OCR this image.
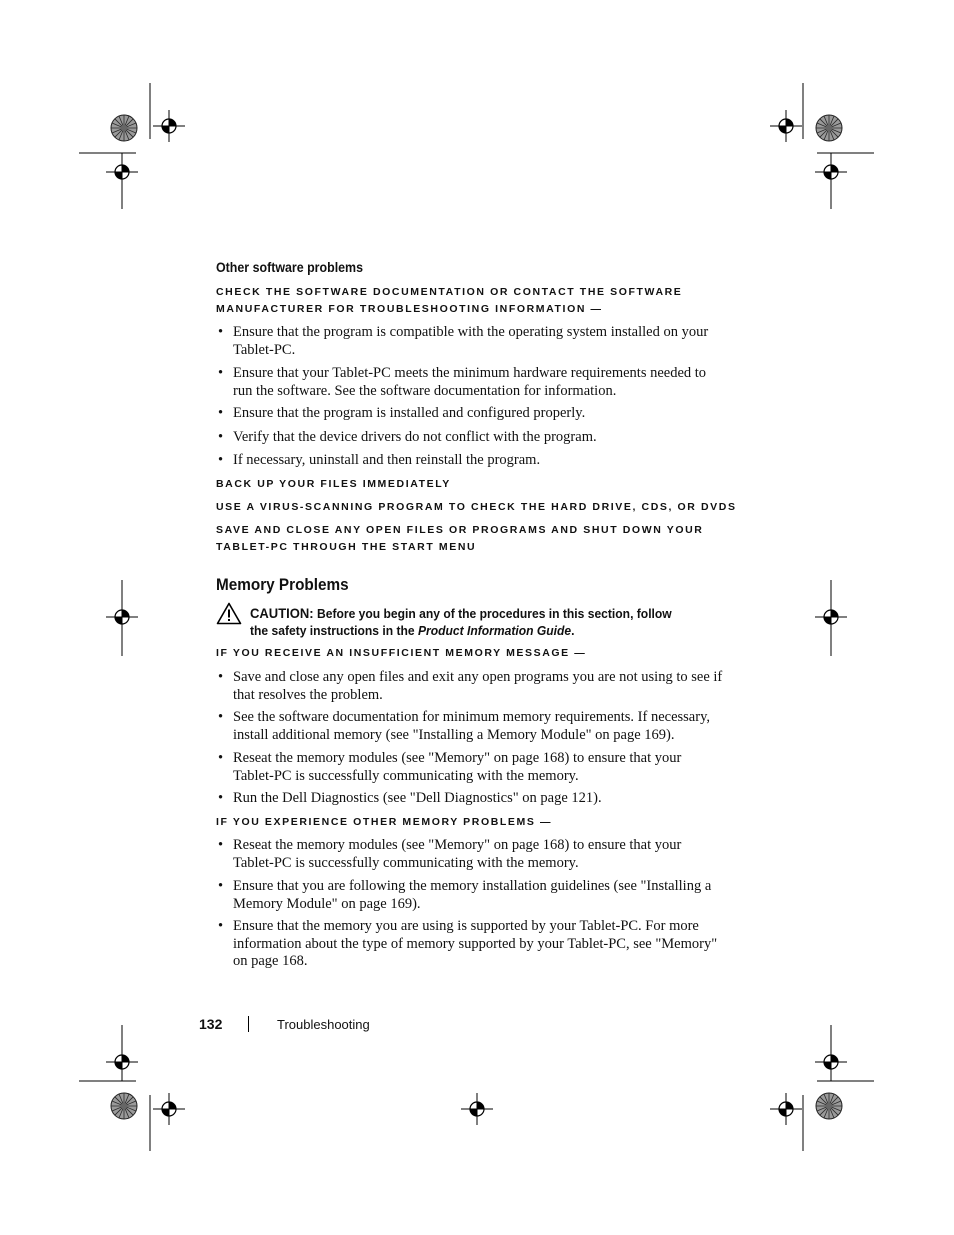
Other software problems
CHECK THE SOFTWARE DOCUMENTATION OR CONTACT THE SOFTWARE MANUFACTURER FOR TROUBLESHOOTING INFORMATION —
• Ensure that the program is compatible with the operating system installed on your Tablet-PC.
• Ensure that your Tablet-PC meets the minimum hardware requirements needed to run the software. See the software documentation for information.
• Ensure that the program is installed and configured properly.
• Verify that the device drivers do not conflict with the program.
• If necessary, uninstall and then reinstall the program.
BACK UP YOUR FILES IMMEDIATELY
USE A VIRUS-SCANNING PROGRAM TO CHECK THE HARD DRIVE, CDS, OR DVDS
SAVE AND CLOSE ANY OPEN FILES OR PROGRAMS AND SHUT DOWN YOUR TABLET-PC THROUGH THE START MENU
Memory Problems
CAUTION: Before you begin any of the procedures in this section, follow the safety instructions in the Product Information Guide.
IF YOU RECEIVE AN INSUFFICIENT MEMORY MESSAGE —
• Save and close any open files and exit any open programs you are not using to see if that resolves the problem.
• See the software documentation for minimum memory requirements. If necessary, install additional memory (see "Installing a Memory Module" on page 169).
• Reseat the memory modules (see "Memory" on page 168) to ensure that your Tablet-PC is successfully communicating with the memory.
• Run the Dell Diagnostics (see "Dell Diagnostics" on page 121).
IF YOU EXPERIENCE OTHER MEMORY PROBLEMS —
• Reseat the memory modules (see "Memory" on page 168) to ensure that your Tablet-PC is successfully communicating with the memory.
• Ensure that you are following the memory installation guidelines (see "Installing a Memory Module" on page 169).
• Ensure that the memory you are using is supported by your Tablet-PC. For more information about the type of memory supported by your Tablet-PC, see "Memory" on page 168.
132	Troubleshooting
